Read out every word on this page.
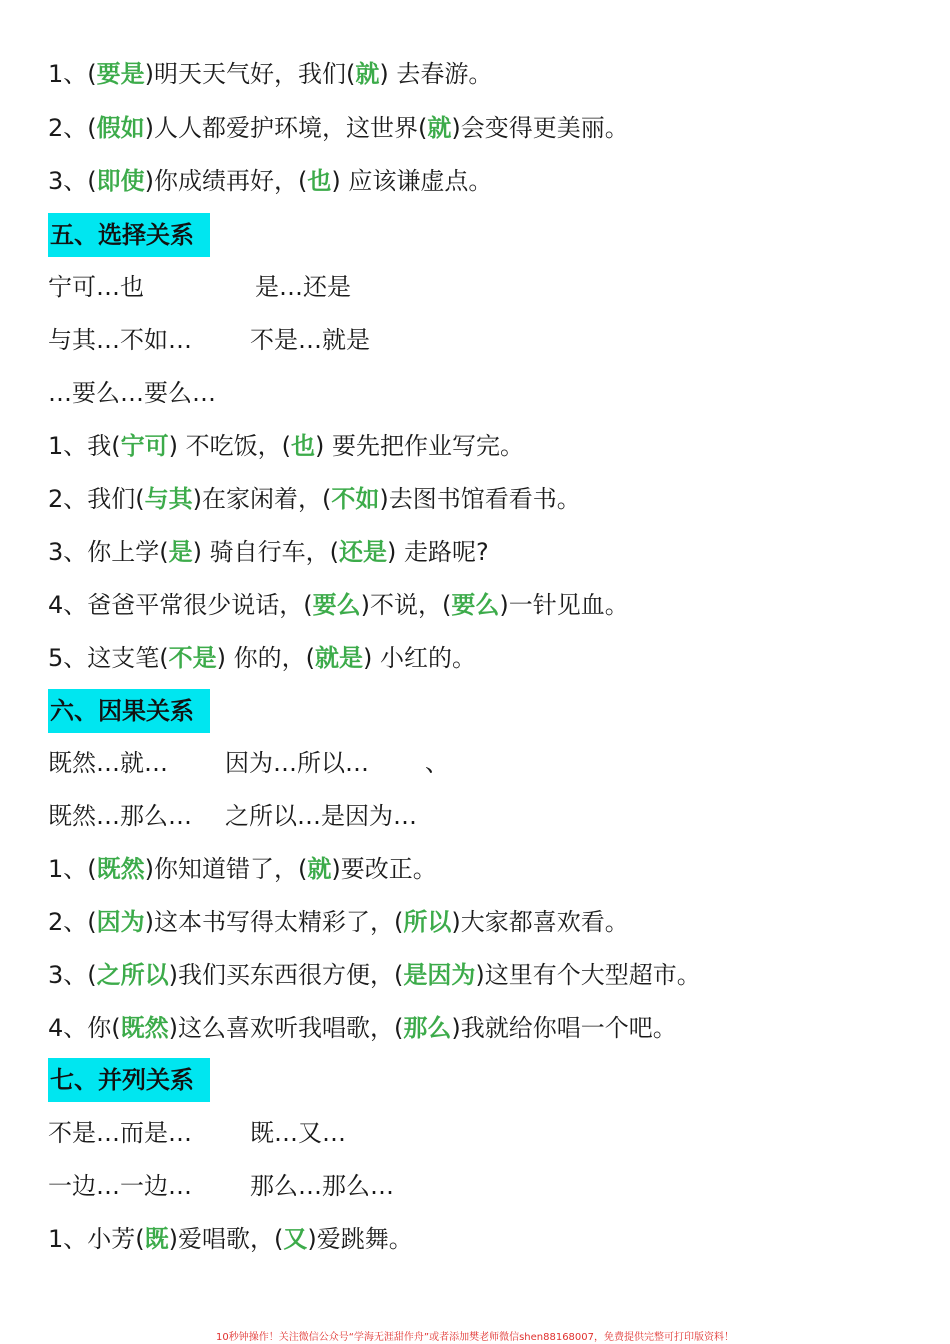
1、(要是)明天天气好，我们(就) 去春游。
2、(假如)人人都爱护环境，这世界(就)会变得更美丽。
3、(即使)你成绩再好，(也) 应该谦虚点。
五、选择关系
宁可…也	是…还是
与其…不如… 不是…就是
…要么…要么…
1、我(宁可) 不吃饭，(也) 要先把作业写完。
2、我们(与其)在家闲着，(不如)去图书馆看看书。
3、你上学(是) 骑自行车，(还是) 走路呢?
4、爸爸平常很少说话，(要么)不说，(要么)一针见血。
5、这支笔(不是) 你的，(就是) 小红的。
六、因果关系
既然…就… 因为…所以… 、
既然…那么… 之所以…是因为…
1、(既然)你知道错了，(就)要改正。
2、(因为)这本书写得太精彩了，(所以)大家都喜欢看。
3、(之所以)我们买东西很方便，(是因为)这里有个大型超市。
4、你(既然)这么喜欢听我唱歌，(那么)我就给你唱一个吧。
七、并列关系
不是…而是… 既…又…
一边…一边… 那么…那么…
1、小芳(既)爱唱歌，(又)爱跳舞。
10秒钟操作！关注微信公众号“学海无涯甜作舟”或者添加樊老师微信shen88168007，免费提供完整可打印版资料！
